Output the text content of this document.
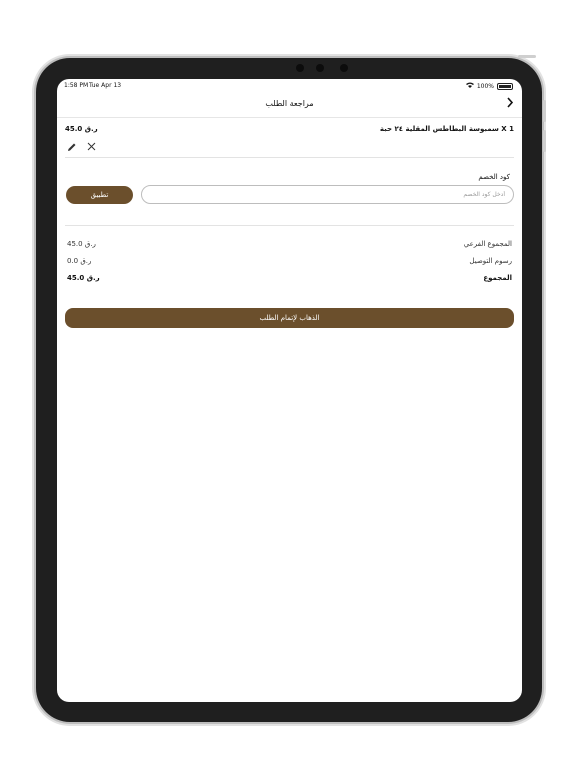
1:58 PM Tue Apr 13	100%
مراجعة الطلب
1 X سمبوسة البطاطس المقلية ٢٤ حبة
45.0 ر.ق
كود الخصم
أدخل كود الخصم
تطبيق
المجموع الفرعي
45.0 ر.ق
رسوم التوصيل
0.0 ر.ق
المجموع
45.0 ر.ق
الذهاب لإتمام الطلب
